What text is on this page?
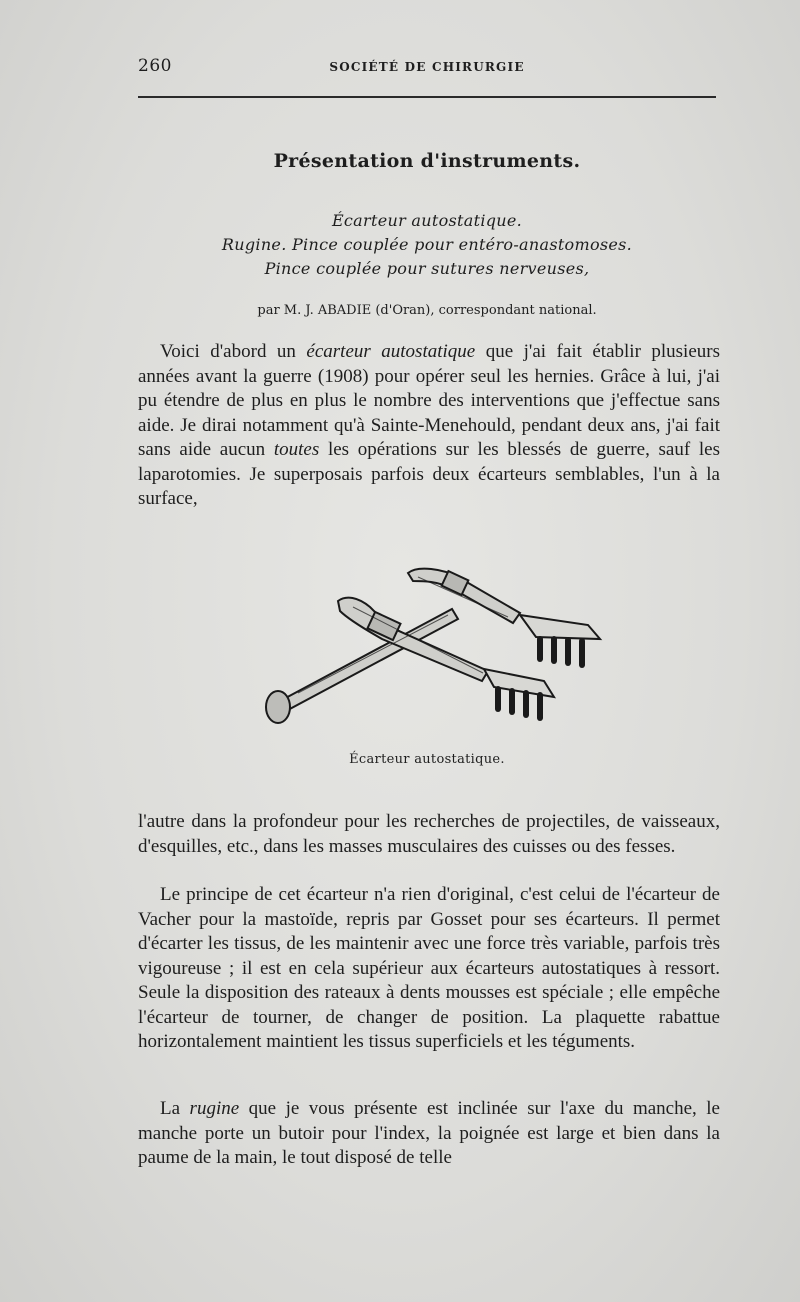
260	SOCIÉTÉ DE CHIRURGIE
Présentation d'instruments.
Écarteur autostatique.
Rugine. Pince couplée pour entéro-anastomoses.
Pince couplée pour sutures nerveuses,
par M. J. ABADIE (d'Oran), correspondant national.

Voici d'abord un écarteur autostatique que j'ai fait établir plusieurs années avant la guerre (1908) pour opérer seul les hernies. Grâce à lui, j'ai pu étendre de plus en plus le nombre des interventions que j'effectue sans aide. Je dirai notamment qu'à Sainte-Menehould, pendant deux ans, j'ai fait sans aide aucun toutes les opérations sur les blessés de guerre, sauf les laparotomies. Je superposais parfois deux écarteurs semblables, l'un à la surface,

Écarteur autostatique.

l'autre dans la profondeur pour les recherches de projectiles, de vaisseaux, d'esquilles, etc., dans les masses musculaires des cuisses ou des fesses.

Le principe de cet écarteur n'a rien d'original, c'est celui de l'écarteur de Vacher pour la mastoïde, repris par Gosset pour ses écarteurs. Il permet d'écarter les tissus, de les maintenir avec une force très variable, parfois très vigoureuse ; il est en cela supérieur aux écarteurs autostatiques à ressort. Seule la disposition des rateaux à dents mousses est spéciale ; elle empêche l'écarteur de tourner, de changer de position. La plaquette rabattue horizontalement maintient les tissus superficiels et les téguments.

La rugine que je vous présente est inclinée sur l'axe du manche, le manche porte un butoir pour l'index, la poignée est large et bien dans la paume de la main, le tout disposé de telle
